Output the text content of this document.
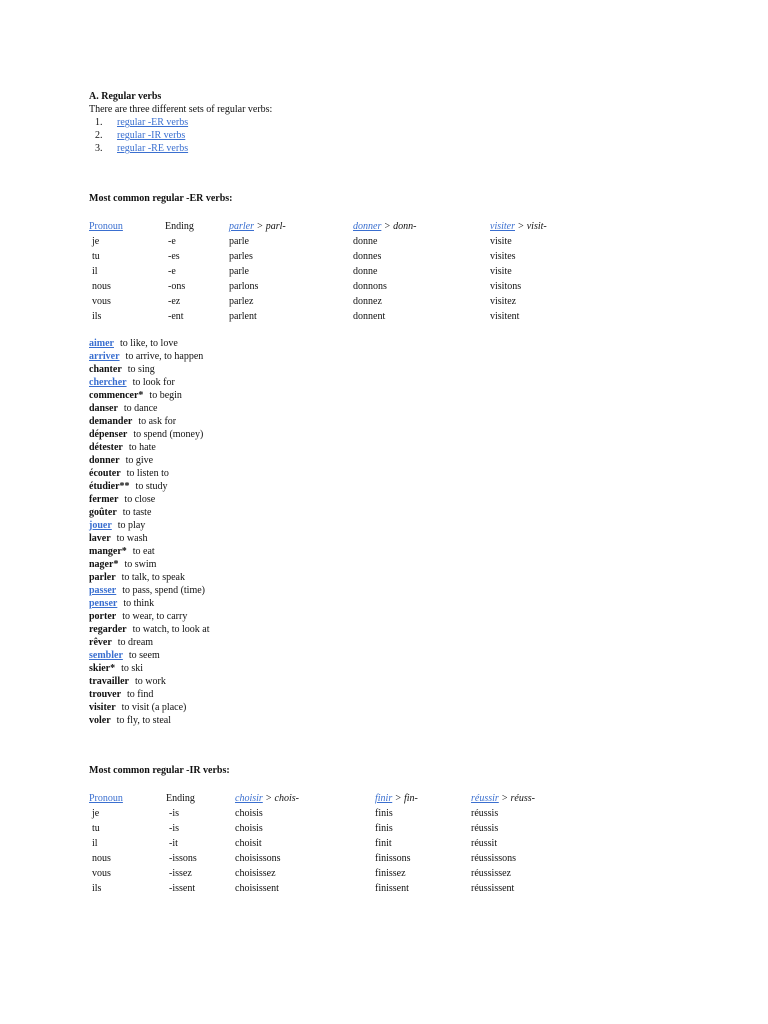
A. Regular verbs
There are three different sets of regular verbs:
1. regular -ER verbs
2. regular -IR verbs
3. regular -RE verbs
Most common regular -ER verbs:
Pronoun	Ending	parler > parl-	donner > donn-	visiter > visit-
je	-e	parle	donne	visite
tu	-es	parles	donnes	visites
il	-e	parle	donne	visite
nous	-ons	parlons	donnons	visitons
vous	-ez	parlez	donnez	visitez
ils	-ent	parlent	donnent	visitent
aimer to like, to love
arriver to arrive, to happen
chanter to sing
chercher to look for
commencer* to begin
danser to dance
demander to ask for
dépenser to spend (money)
détester to hate
donner to give
écouter to listen to
étudier** to study
fermer to close
goûter to taste
jouer to play
laver to wash
manger* to eat
nager* to swim
parler to talk, to speak
passer to pass, spend (time)
penser to think
porter to wear, to carry
regarder to watch, to look at
rêver to dream
sembler to seem
skier* to ski
travailler to work
trouver to find
visiter to visit (a place)
voler to fly, to steal
Most common regular -IR verbs:
Pronoun	Ending	choisir > chois-	finir > fin-	réussir > réuss-
je	-is	choisis	finis	réussis
tu	-is	choisis	finis	réussis
il	-it	choisit	finit	réussit
nous	-issons	choisissons	finissons	réussissons
vous	-issez	choisissez	finissez	réussissez
ils	-issent	choisissent	finissent	réussissent
